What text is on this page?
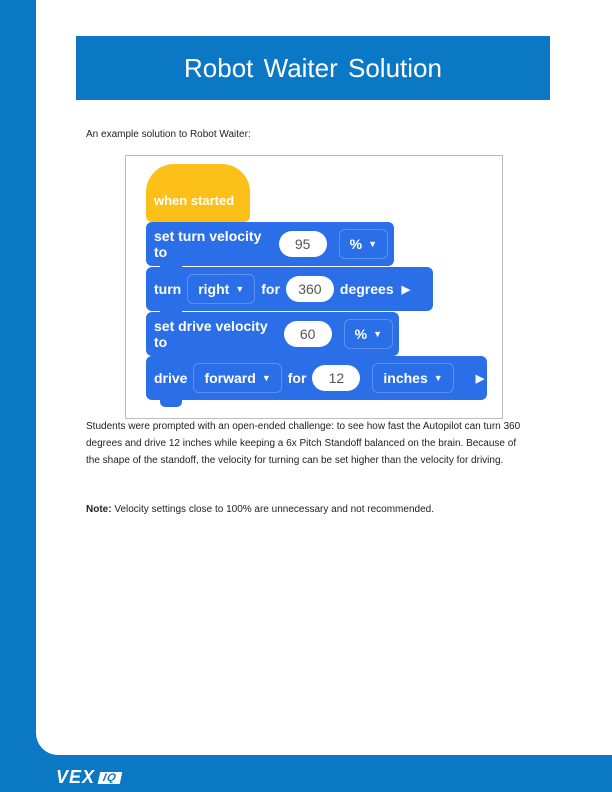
Robot Waiter Solution
An example solution to Robot Waiter:
when started
set turn velocity to	95	% ▼
turn right ▼ for	360	degrees ▶
set drive velocity to	60	% ▼
drive forward ▼ for	12	inches ▼	▶
Students were prompted with an open-ended challenge: to see how fast the Autopilot can turn 360 degrees and drive 12 inches while keeping a 6x Pitch Standoff balanced on the brain. Because of the shape of the standoff, the velocity for turning can be set higher than the velocity for driving.
Note: Velocity settings close to 100% are unnecessary and not recommended.
VEX IQ
